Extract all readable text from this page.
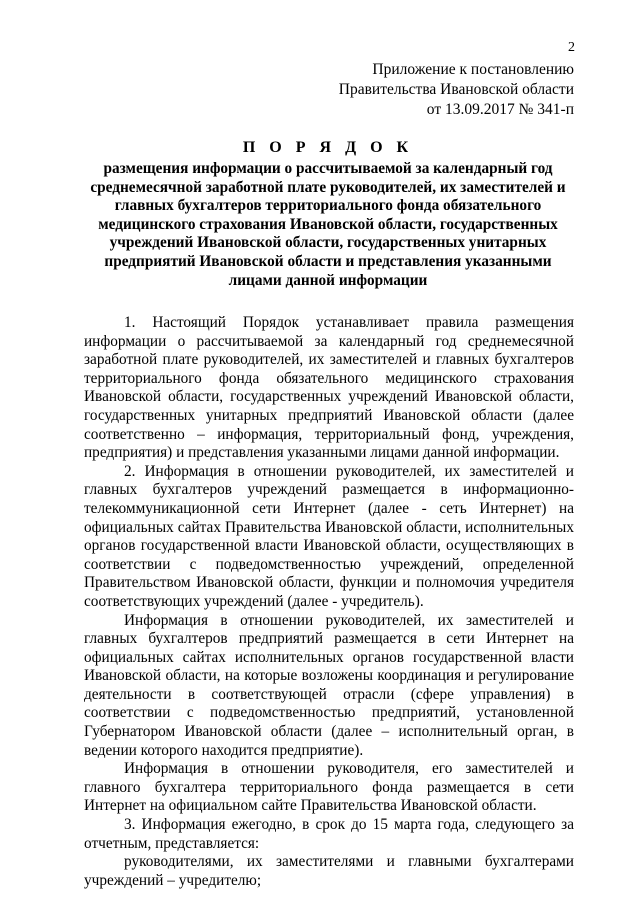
2
Приложение к постановлению
Правительства Ивановской области
от 13.09.2017 № 341-п
П О Р Я Д О К
размещения информации о рассчитываемой за календарный год среднемесячной заработной плате руководителей, их заместителей и главных бухгалтеров территориального фонда обязательного медицинского страхования Ивановской области, государственных учреждений Ивановской области, государственных унитарных предприятий Ивановской области и представления указанными лицами данной информации

1. Настоящий Порядок устанавливает правила размещения информации о рассчитываемой за календарный год среднемесячной заработной плате руководителей, их заместителей и главных бухгалтеров территориального фонда обязательного медицинского страхования Ивановской области, государственных учреждений Ивановской области, государственных унитарных предприятий Ивановской области (далее соответственно – информация, территориальный фонд, учреждения, предприятия) и представления указанными лицами данной информации.

2. Информация в отношении руководителей, их заместителей и главных бухгалтеров учреждений размещается в информационно-телекоммуникационной сети Интернет (далее - сеть Интернет) на официальных сайтах Правительства Ивановской области, исполнительных органов государственной власти Ивановской области, осуществляющих в соответствии с подведомственностью учреждений, определенной Правительством Ивановской области, функции и полномочия учредителя соответствующих учреждений (далее - учредитель).

Информация в отношении руководителей, их заместителей и главных бухгалтеров предприятий размещается в сети Интернет на официальных сайтах исполнительных органов государственной власти Ивановской области, на которые возложены координация и регулирование деятельности в соответствующей отрасли (сфере управления) в соответствии с подведомственностью предприятий, установленной Губернатором Ивановской области (далее – исполнительный орган, в ведении которого находится предприятие).

Информация в отношении руководителя, его заместителей и главного бухгалтера территориального фонда размещается в сети Интернет на официальном сайте Правительства Ивановской области.

3. Информация ежегодно, в срок до 15 марта года, следующего за отчетным, представляется:

руководителями, их заместителями и главными бухгалтерами учреждений – учредителю;
